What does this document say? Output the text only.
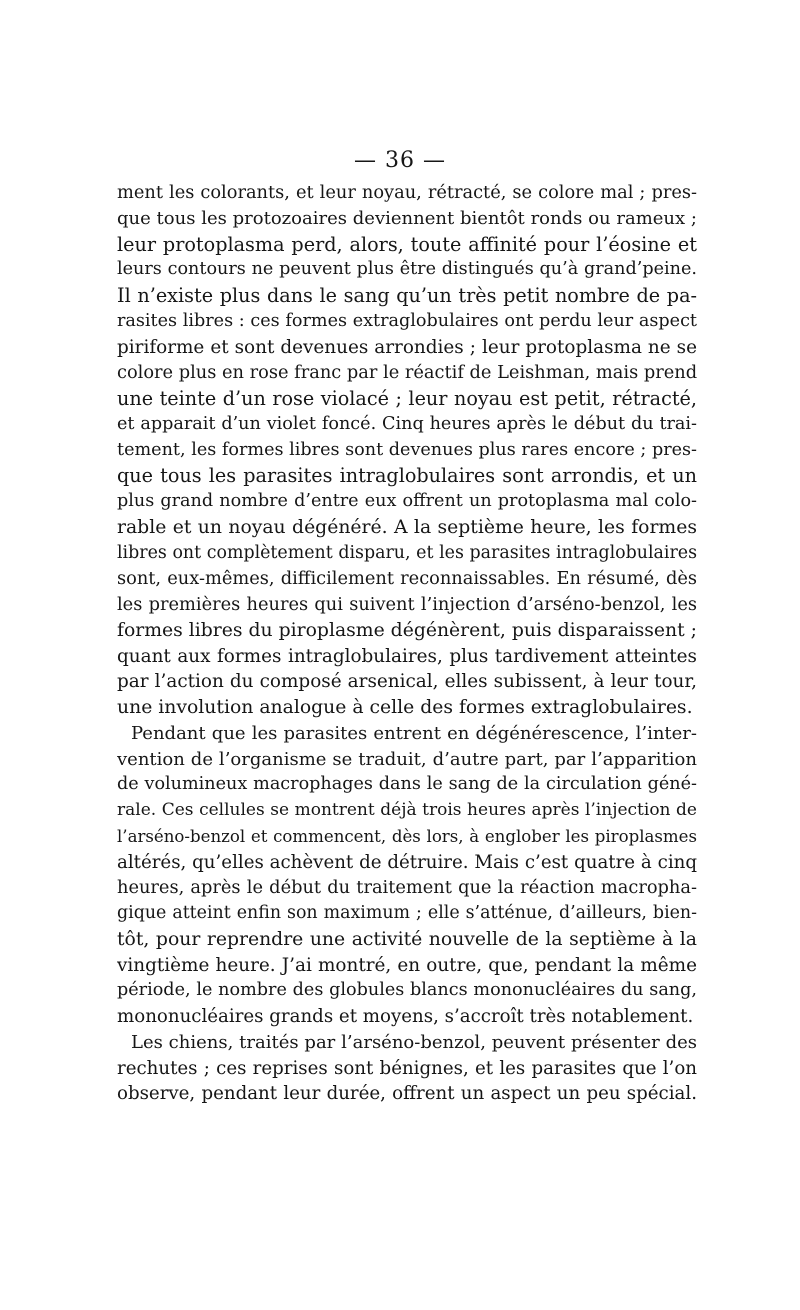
— 36 —
ment les colorants, et leur noyau, rétracté, se colore mal ; pres-
que tous les protozoaires deviennent bientôt ronds ou rameux ;
leur protoplasma perd, alors, toute affinité pour l’éosine et
leurs contours ne peuvent plus être distingués qu’à grand’peine.
Il n’existe plus dans le sang qu’un très petit nombre de pa-
rasites libres : ces formes extraglobulaires ont perdu leur aspect
piriforme et sont devenues arrondies ; leur protoplasma ne se
colore plus en rose franc par le réactif de Leishman, mais prend
une teinte d’un rose violacé ; leur noyau est petit, rétracté,
et apparait d’un violet foncé. Cinq heures après le début du trai-
tement, les formes libres sont devenues plus rares encore ; pres-
que tous les parasites intraglobulaires sont arrondis, et un
plus grand nombre d’entre eux offrent un protoplasma mal colo-
rable et un noyau dégénéré. A la septième heure, les formes
libres ont complètement disparu, et les parasites intraglobulaires
sont, eux-mêmes, difficilement reconnaissables. En résumé, dès
les premières heures qui suivent l’injection d’arséno-benzol, les
formes libres du piroplasme dégénèrent, puis disparaissent ;
quant aux formes intraglobulaires, plus tardivement atteintes
par l’action du composé arsenical, elles subissent, à leur tour,
une involution analogue à celle des formes extraglobulaires.
Pendant que les parasites entrent en dégénérescence, l’inter-
vention de l’organisme se traduit, d’autre part, par l’apparition
de volumineux macrophages dans le sang de la circulation géné-
rale. Ces cellules se montrent déjà trois heures après l’injection de
l’arséno-benzol et commencent, dès lors, à englober les piroplasmes
altérés, qu’elles achèvent de détruire. Mais c’est quatre à cinq
heures, après le début du traitement que la réaction macropha-
gique atteint enfin son maximum ; elle s’atténue, d’ailleurs, bien-
tôt, pour reprendre une activité nouvelle de la septième à la
vingtième heure. J’ai montré, en outre, que, pendant la même
période, le nombre des globules blancs mononucléaires du sang,
mononucléaires grands et moyens, s’accroît très notablement.
Les chiens, traités par l’arséno-benzol, peuvent présenter des
rechutes ; ces reprises sont bénignes, et les parasites que l’on
observe, pendant leur durée, offrent un aspect un peu spécial.
